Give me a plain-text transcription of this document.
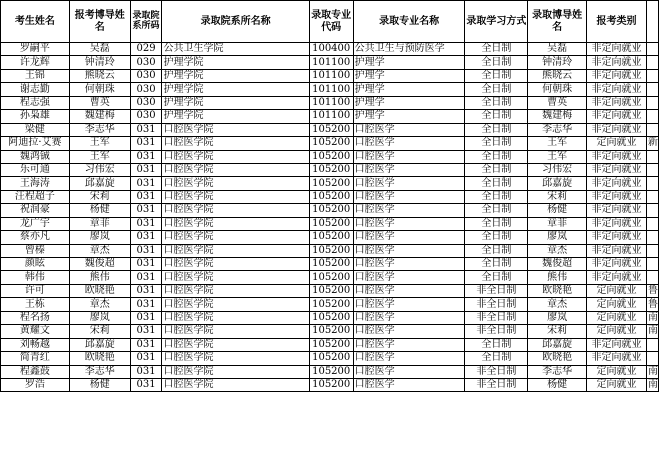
考生姓名	报考博导姓名	录取院系所码	录取院系所名称	录取专业代码	录取专业名称	录取学习方式	录取博导姓名	报考类别	
罗嗣平	吴磊	029	公共卫生学院	100400	公共卫生与预防医学	全日制	吴磊	非定向就业	
许龙辉	钟清玲	030	护理学院	101100	护理学	全日制	钟清玲	非定向就业	
王锦	熊晓云	030	护理学院	101100	护理学	全日制	熊晓云	非定向就业	
谢志勤	何朝珠	030	护理学院	101100	护理学	全日制	何朝珠	非定向就业	
程志强	曹英	030	护理学院	101100	护理学	全日制	曹英	非定向就业	
孙枭雄	魏建梅	030	护理学院	101100	护理学	全日制	魏建梅	非定向就业	
梁健	李志华	031	口腔医学院	105200	口腔医学	全日制	李志华	非定向就业	
阿迪拉·艾赛	王军	031	口腔医学院	105200	口腔医学	全日制	王军	定向就业	新
魏鸿铖	王军	031	口腔医学院	105200	口腔医学	全日制	王军	非定向就业	
乐可通	习伟宏	031	口腔医学院	105200	口腔医学	全日制	习伟宏	非定向就业	
王海涛	邱嘉旋	031	口腔医学院	105200	口腔医学	全日制	邱嘉旋	非定向就业	
汪程超子	宋莉	031	口腔医学院	105200	口腔医学	全日制	宋莉	非定向就业	
祝润豪	杨健	031	口腔医学院	105200	口腔医学	全日制	杨健	非定向就业	
龙广宇	章菲	031	口腔医学院	105200	口腔医学	全日制	章菲	非定向就业	
蔡亦凡	廖岚	031	口腔医学院	105200	口腔医学	全日制	廖岚	非定向就业	
曾榛	章杰	031	口腔医学院	105200	口腔医学	全日制	章杰	非定向就业	
颜眩	魏俊超	031	口腔医学院	105200	口腔医学	全日制	魏俊超	非定向就业	
韩伟	熊伟	031	口腔医学院	105200	口腔医学	全日制	熊伟	非定向就业	
许可	欧晓艳	031	口腔医学院	105200	口腔医学	非全日制	欧晓艳	定向就业	鲁
王栋	章杰	031	口腔医学院	105200	口腔医学	非全日制	章杰	定向就业	鲁
程名扬	廖岚	031	口腔医学院	105200	口腔医学	非全日制	廖岚	定向就业	南
黄耀文	宋莉	031	口腔医学院	105200	口腔医学	非全日制	宋莉	定向就业	南
刘畅越	邱嘉旋	031	口腔医学院	105200	口腔医学	全日制	邱嘉旋	非定向就业	
简青红	欧晓艳	031	口腔医学院	105200	口腔医学	全日制	欧晓艳	非定向就业	
程鑫鼓	李志华	031	口腔医学院	105200	口腔医学	非全日制	李志华	定向就业	南
罗浩	杨健	031	口腔医学院	105200	口腔医学	非全日制	杨健	定向就业	南
